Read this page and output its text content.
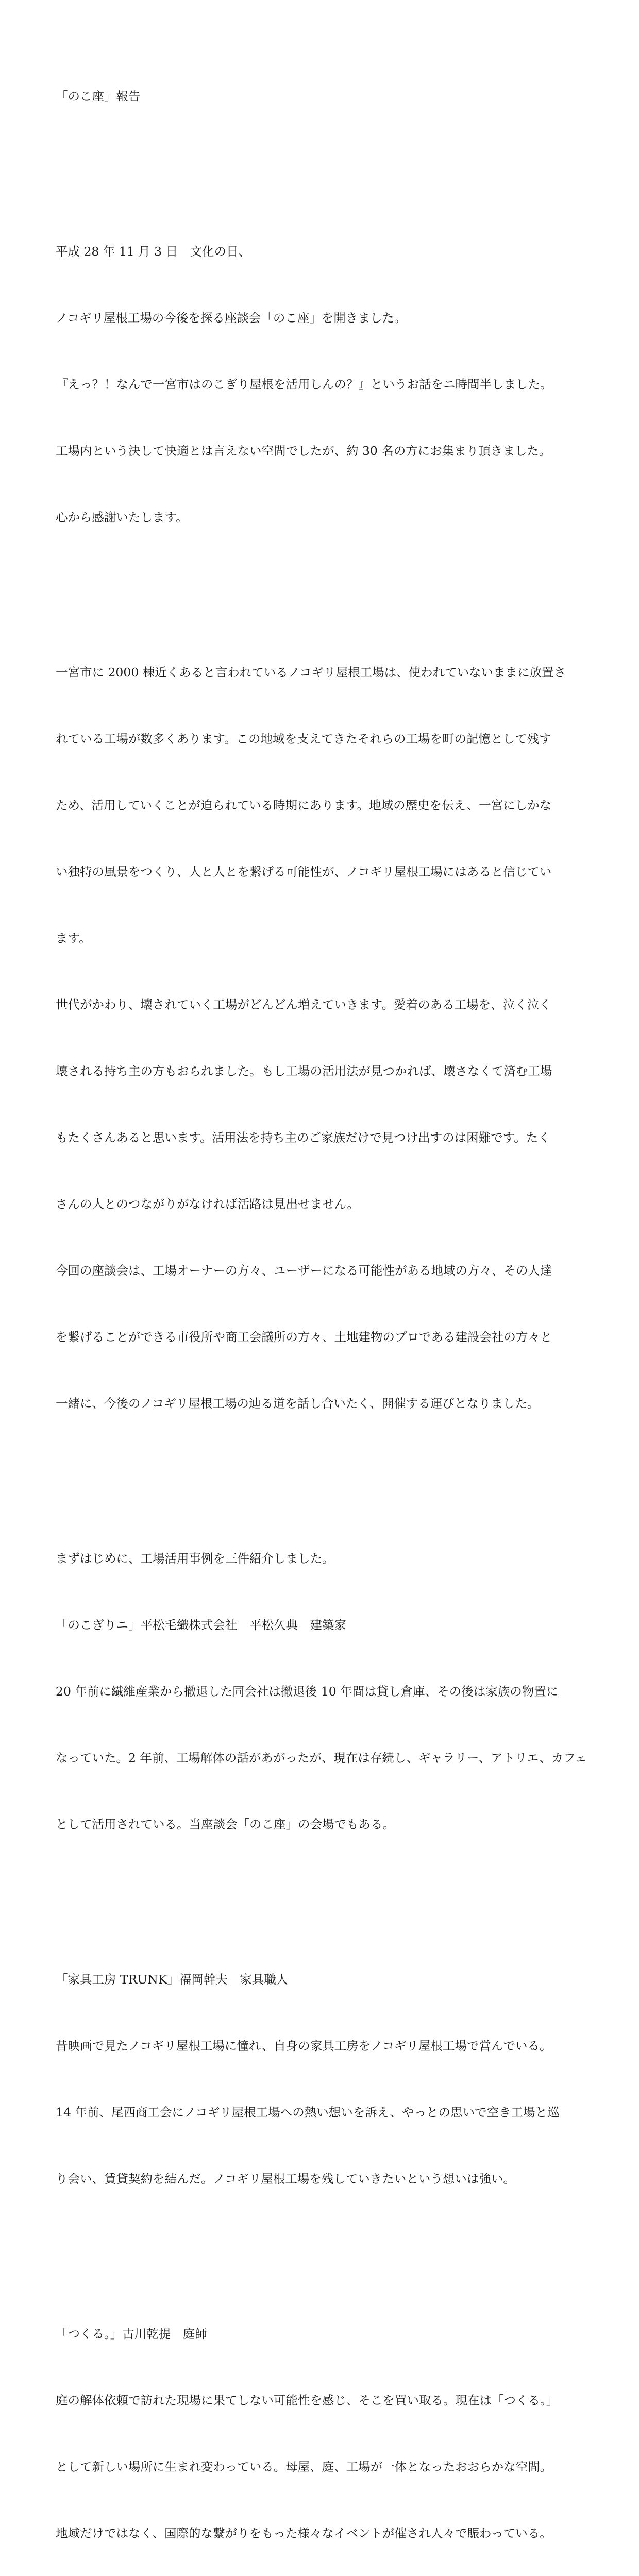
「のこ座」報告

平成 28 年 11 月 3 日　文化の日、

ノコギリ屋根工場の今後を探る座談会「のこ座」を開きました。

『えっ？！なんで一宮市はのこぎり屋根を活用しんの？』というお話をニ時間半しました。

工場内という決して快適とは言えない空間でしたが、約 30 名の方にお集まり頂きました。

心から感謝いたします。

一宮市に 2000 棟近くあると言われているノコギリ屋根工場は、使われていないままに放置さ

れている工場が数多くあります。この地域を支えてきたそれらの工場を町の記憶として残す

ため、活用していくことが迫られている時期にあります。地域の歴史を伝え、一宮にしかな

い独特の風景をつくり、人と人とを繋げる可能性が、ノコギリ屋根工場にはあると信じてい

ます。

世代がかわり、壊されていく工場がどんどん増えていきます。愛着のある工場を、泣く泣く

壊される持ち主の方もおられました。もし工場の活用法が見つかれば、壊さなくて済む工場

もたくさんあると思います。活用法を持ち主のご家族だけで見つけ出すのは困難です。たく

さんの人とのつながりがなければ活路は見出せません。

今回の座談会は、工場オーナーの方々、ユーザーになる可能性がある地域の方々、その人達

を繋げることができる市役所や商工会議所の方々、土地建物のプロである建設会社の方々と

一緒に、今後のノコギリ屋根工場の辿る道を話し合いたく、開催する運びとなりました。

まずはじめに、工場活用事例を三件紹介しました。

「のこぎりニ」平松毛織株式会社　平松久典　建築家

20 年前に繊維産業から撤退した同会社は撤退後 10 年間は貸し倉庫、その後は家族の物置に

なっていた。2 年前、工場解体の話があがったが、現在は存続し、ギャラリー、アトリエ、カフェ

として活用されている。当座談会「のこ座」の会場でもある。

「家具工房 TRUNK」福岡幹夫　家具職人

昔映画で見たノコギリ屋根工場に憧れ、自身の家具工房をノコギリ屋根工場で営んでいる。

14 年前、尾西商工会にノコギリ屋根工場への熱い想いを訴え、やっとの思いで空き工場と巡

り会い、賃貸契約を結んだ。ノコギリ屋根工場を残していきたいという想いは強い。

「つくる。」古川乾提　庭師

庭の解体依頼で訪れた現場に果てしない可能性を感じ、そこを買い取る。現在は「つくる。」

として新しい場所に生まれ変わっている。母屋、庭、工場が一体となったおおらかな空間。

地域だけではなく、国際的な繋がりをもった様々なイベントが催され人々で賑わっている。
